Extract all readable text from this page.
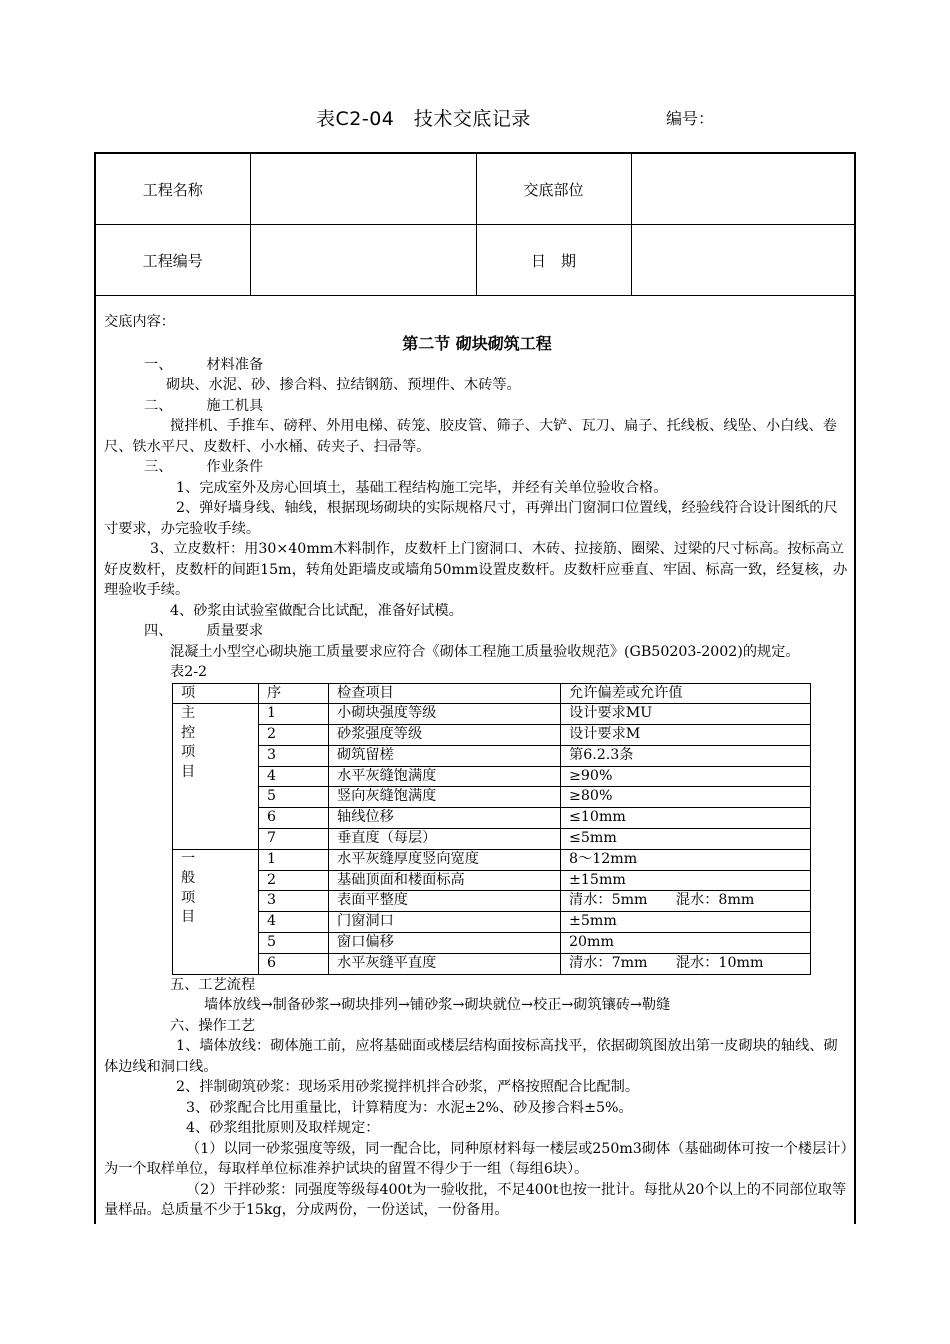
表C2-04　技术交底记录	编号：
工程名称		交底部位	
工程编号		日　期	

交底内容：

第二节 砌块砌筑工程

一、 材料准备

砌块、水泥、砂、掺合料、拉结钢筋、预埋件、木砖等。

二、 施工机具

搅拌机、手推车、磅秤、外用电梯、砖笼、胶皮管、筛子、大铲、瓦刀、扁子、托线板、线坠、小白线、卷尺、铁水平尺、皮数杆、小水桶、砖夹子、扫帚等。

三、 作业条件

1、完成室外及房心回填土，基础工程结构施工完毕，并经有关单位验收合格。

2、弹好墙身线、轴线，根据现场砌块的实际规格尺寸，再弹出门窗洞口位置线，经验线符合设计图纸的尺寸要求，办完验收手续。

3、立皮数杆：用30×40mm木料制作，皮数杆上门窗洞口、木砖、拉接筋、圈梁、过梁的尺寸标高。按标高立好皮数杆，皮数杆的间距15m，转角处距墙皮或墙角50mm设置皮数杆。皮数杆应垂直、牢固、标高一致，经复核，办理验收手续。

4、砂浆由试验室做配合比试配，准备好试模。

四、 质量要求

混凝土小型空心砌块施工质量要求应符合《砌体工程施工质量验收规范》(GB50203-2002)的规定。

表2-2

项	序	检查项目	允许偏差或允许值

主控项目	1	小砌块强度等级	设计要求MU
	2	砂浆强度等级	设计要求M
	3	砌筑留槎	第6.2.3条
	4	水平灰缝饱满度	≥90%
	5	竖向灰缝饱满度	≥80%
	6	轴线位移	≤10mm
	7	垂直度（每层）	≤5mm

一般项目	1	水平灰缝厚度竖向宽度	8～12mm
	2	基础顶面和楼面标高	±15mm
	3	表面平整度	清水：5mm　　混水：8mm
	4	门窗洞口	±5mm
	5	窗口偏移	20mm
	6	水平灰缝平直度	清水：7mm　　混水：10mm

五、工艺流程

墙体放线→制备砂浆→砌块排列→铺砂浆→砌块就位→校正→砌筑镶砖→勒缝

六、操作工艺

1、墙体放线：砌体施工前，应将基础面或楼层结构面按标高找平，依据砌筑图放出第一皮砌块的轴线、砌体边线和洞口线。

2、拌制砌筑砂浆：现场采用砂浆搅拌机拌合砂浆，严格按照配合比配制。

3、砂浆配合比用重量比，计算精度为：水泥±2%、砂及掺合料±5%。

4、砂浆组批原则及取样规定：

（1）以同一砂浆强度等级，同一配合比，同种原材料每一楼层或250m3砌体（基础砌体可按一个楼层计）为一个取样单位，每取样单位标准养护试块的留置不得少于一组（每组6块）。

（2）干拌砂浆：同强度等级每400t为一验收批，不足400t也按一批计。每批从20个以上的不同部位取等量样品。总质量不少于15kg，分成两份，一份送试，一份备用。
